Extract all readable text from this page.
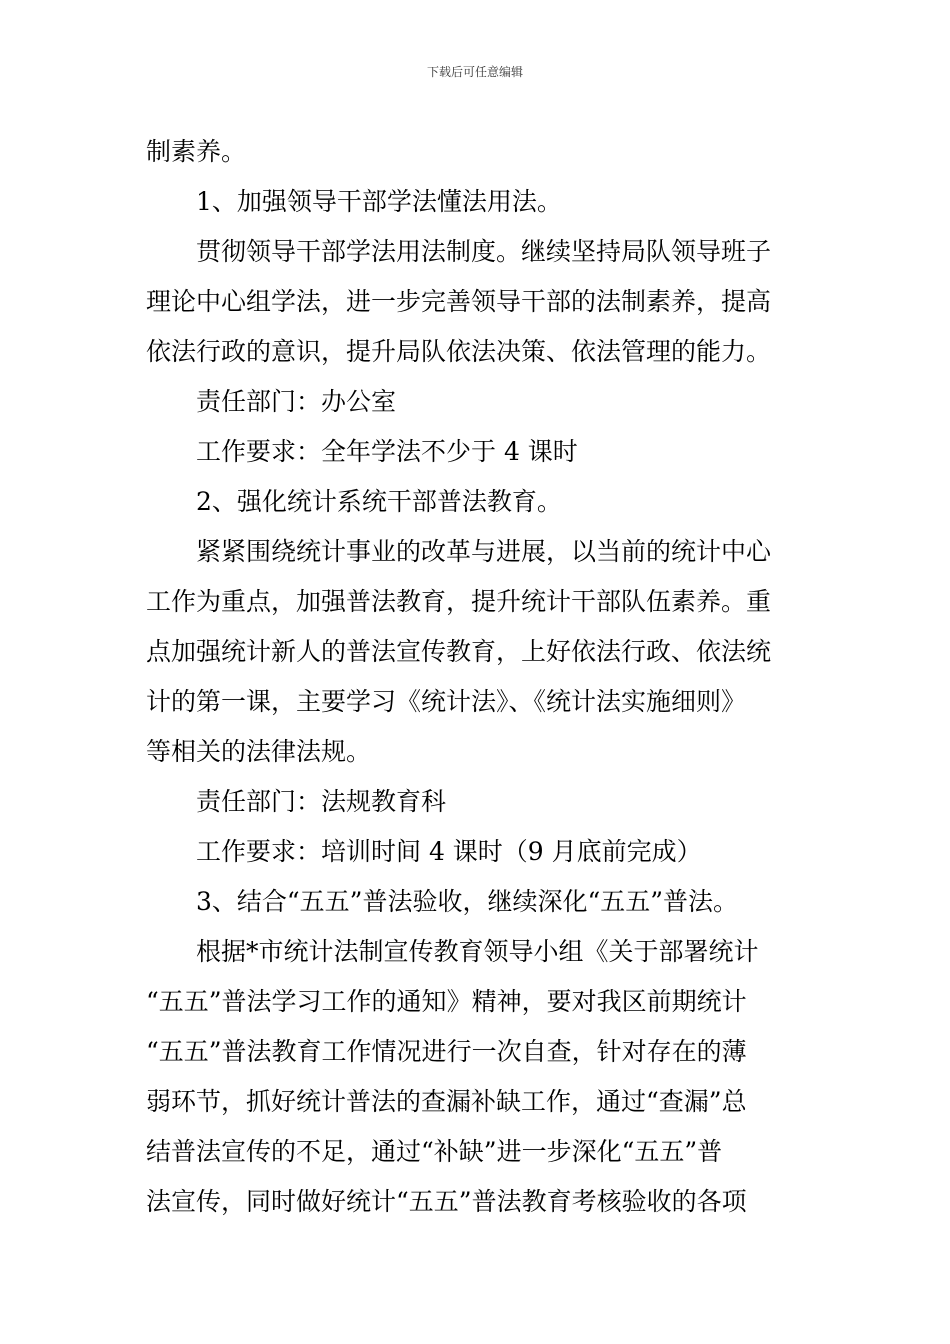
下载后可任意编辑
制素养。
　　1、加强领导干部学法懂法用法。
　　贯彻领导干部学法用法制度。继续坚持局队领导班子
理论中心组学法，进一步完善领导干部的法制素养，提高
依法行政的意识，提升局队依法决策、依法管理的能力。
　　责任部门：办公室
　　工作要求：全年学法不少于 4 课时
　　2、强化统计系统干部普法教育。
　　紧紧围绕统计事业的改革与进展，以当前的统计中心
工作为重点，加强普法教育，提升统计干部队伍素养。重
点加强统计新人的普法宣传教育，上好依法行政、依法统
计的第一课，主要学习《统计法》、《统计法实施细则》
等相关的法律法规。
　　责任部门：法规教育科
　　工作要求：培训时间 4 课时（9 月底前完成）
　　3、结合“五五”普法验收，继续深化“五五”普法。
　　根据*市统计法制宣传教育领导小组《关于部署统计
“五五”普法学习工作的通知》精神，要对我区前期统计
“五五”普法教育工作情况进行一次自查，针对存在的薄
弱环节，抓好统计普法的查漏补缺工作，通过“查漏”总
结普法宣传的不足，通过“补缺”进一步深化“五五”普
法宣传，同时做好统计“五五”普法教育考核验收的各项
